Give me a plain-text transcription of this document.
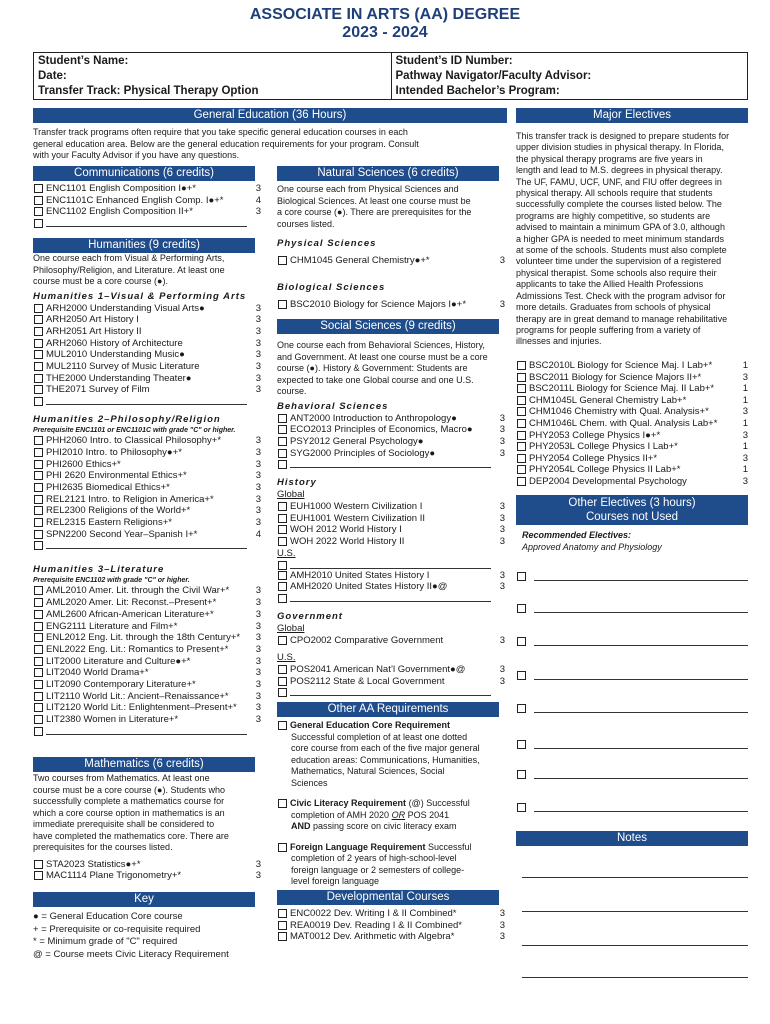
ASSOCIATE IN ARTS (AA) DEGREE
2023 - 2024
Student’s Name:
Date:
Transfer Track: Physical Therapy Option
Student’s ID Number:
Pathway Navigator/Faculty Advisor:
Intended Bachelor’s Program:
General Education (36 Hours)	Major Electives
Transfer track programs often require that you take specific general education courses in each
general education area. Below are the general education requirements for your program. Consult
with your Faculty Advisor if you have any questions.
Communications (6 credits)
ENC1101 English Composition I●+*	3
ENC1101C Enhanced English Comp. I●+*	4
ENC1102 English Composition II+*	3
Humanities (9 credits)
One course each from Visual & Performing Arts,
Philosophy/Religion, and Literature. At least one
course must be a core course (●).
Humanities 1–Visual & Performing Arts
ARH2000 Understanding Visual Arts●	3
ARH2050 Art History I	3
ARH2051 Art History II	3
ARH2060 History of Architecture	3
MUL2010 Understanding Music●	3
MUL2110 Survey of Music Literature	3
THE2000 Understanding Theater●	3
THE2071 Survey of Film	3
Humanities 2–Philosophy/Religion
Prerequisite ENC1101 or ENC1101C with grade "C" or higher.
PHH2060 Intro. to Classical Philosophy+*	3
PHI2010 Intro. to Philosophy●+*	3
PHI2600 Ethics+*	3
PHI 2620 Environmental Ethics+*	3
PHI2635 Biomedical Ethics+*	3
REL2121 Intro. to Religion in America+*	3
REL2300 Religions of the World+*	3
REL2315 Eastern Religions+*	3
SPN2200 Second Year–Spanish I+*	4
Humanities 3–Literature
Prerequisite ENC1102 with grade "C" or higher.
AML2010 Amer. Lit. through the Civil War+*	3
AML2020 Amer. Lit: Reconst.–Present+*	3
AML2600 African-American Literature+*	3
ENG2111 Literature and Film+*	3
ENL2012 Eng. Lit. through the 18th Century+*	3
ENL2022 Eng. Lit.: Romantics to Present+*	3
LIT2000 Literature and Culture●+*	3
LIT2040 World Drama+*	3
LIT2090 Contemporary Literature+*	3
LIT2110 World Lit.: Ancient–Renaissance+*	3
LIT2120 World Lit.: Enlightenment–Present+*	3
LIT2380 Women in Literature+*	3
Mathematics (6 credits)
Two courses from Mathematics. At least one
course must be a core course (●). Students who
successfully complete a mathematics course for
which a core course option in mathematics is an
immediate prerequisite shall be considered to
have completed the mathematics core. There are
prerequisites for the courses listed.
STA2023 Statistics●+*	3
MAC1114 Plane Trigonometry+*	3
Key
● = General Education Core course
+ = Prerequisite or co-requisite required
* = Minimum grade of "C" required
@ = Course meets Civic Literacy Requirement
Natural Sciences (6 credits)
One course each from Physical Sciences and
Biological Sciences. At least one course must be
a core course (●). There are prerequisites for the
courses listed.
Physical Sciences
CHM1045 General Chemistry●+*	3
Biological Sciences
BSC2010 Biology for Science Majors I●+*	3
Social Sciences (9 credits)
One course each from Behavioral Sciences, History,
and Government. At least one course must be a core
course (●). History & Government: Students are
expected to take one Global course and one U.S.
course.
Behavioral Sciences
ANT2000 Introduction to Anthropology●	3
ECO2013 Principles of Economics, Macro●	3
PSY2012 General Psychology●	3
SYG2000 Principles of Sociology●	3
History
Global
EUH1000 Western Civilization I	3
EUH1001 Western Civilization II	3
WOH 2012 World History I	3
WOH 2022 World History II	3
U.S.
AMH2010 United States History I	3
AMH2020 United States History II●@	3
Government
Global
CPO2002 Comparative Government	3
U.S.
POS2041 American Nat’l Government●@	3
POS2112 State & Local Government	3
Other AA Requirements
General Education Core Requirement
Successful completion of at least one dotted
core course from each of the five major general
education areas: Communications, Humanities,
Mathematics, Natural Sciences, Social
Sciences
Civic Literacy Requirement
(@) Successful
completion of AMH 2020 OR POS 2041
AND passing score on civic literacy exam
Foreign Language Requirement
Successful
completion of 2 years of high-school-level
foreign language or 2 semesters of college-
level foreign language
Developmental Courses
ENC0022 Dev. Writing I & II Combined*	3
REA0019 Dev. Reading I & II Combined*	3
MAT0012 Dev. Arithmetic with Algebra*	3
This transfer track is designed to prepare students for
upper division studies in physical therapy. In Florida,
the physical therapy programs are five years in
length and lead to M.S. degrees in physical therapy.
The UF, FAMU, UCF, UNF, and FIU offer degrees in
physical therapy. All schools require that students
successfully complete the courses listed below. The
programs are highly competitive, so students are
advised to maintain a minimum GPA of 3.0, although
a higher GPA is needed to meet minimum standards
at some of the schools. Students must also complete
volunteer time under the supervision of a registered
physical therapist. Some schools also require their
applicants to take the Allied Health Professions
Admissions Test. Check with the program advisor for
more details. Graduates from schools of physical
therapy are in great demand to manage rehabilitative
programs for people suffering from a variety of
illnesses and injuries.
BSC2010L Biology for Science Maj. I Lab+*	1
BSC2011 Biology for Science Majors II+*	3
BSC2011L Biology for Science Maj. II Lab+*	1
CHM1045L General Chemistry Lab+*	1
CHM1046 Chemistry with Qual. Analysis+*	3
CHM1046L Chem. with Qual. Analysis Lab+*	1
PHY2053 College Physics I●+*	3
PHY2053L College Physics I Lab+*	1
PHY2054 College Physics II+*	3
PHY2054L College Physics II Lab+*	1
DEP2004 Developmental Psychology	3
Other Electives (3 hours)
Courses not Used
Recommended Electives:
Approved Anatomy and Physiology
Notes
